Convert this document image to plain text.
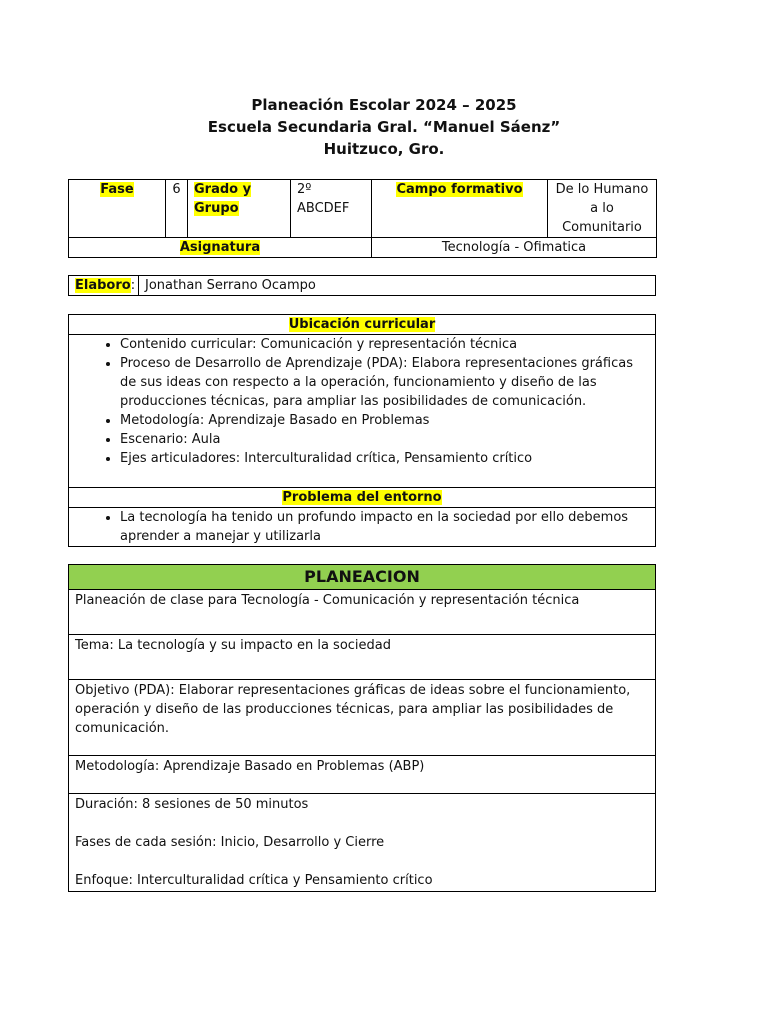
Planeación Escolar 2024 – 2025
Escuela Secundaria Gral. “Manuel Sáenz”
Huitzuco, Gro.
Fase	6	Grado y Grupo	2º ABCDEF	Campo formativo	De lo Humano a lo Comunitario
Asignatura				Tecnología - Ofimatica	
Elaboro:	Jonathan Serrano Ocampo
Ubicación curricular

• Contenido curricular: Comunicación y representación técnica
• Proceso de Desarrollo de Aprendizaje (PDA): Elabora representaciones gráficas de sus ideas con respecto a la operación, funcionamiento y diseño de las producciones técnicas, para ampliar las posibilidades de comunicación.
• Metodología: Aprendizaje Basado en Problemas
• Escenario: Aula
• Ejes articuladores: Interculturalidad crítica, Pensamiento crítico

Problema del entorno

• La tecnología ha tenido un profundo impacto en la sociedad por ello debemos aprender a manejar y utilizarla
PLANEACION
Planeación de clase para Tecnología - Comunicación y representación técnica
Tema: La tecnología y su impacto en la sociedad
Objetivo (PDA): Elaborar representaciones gráficas de ideas sobre el funcionamiento, operación y diseño de las producciones técnicas, para ampliar las posibilidades de comunicación.
Metodología: Aprendizaje Basado en Problemas (ABP)

Duración: 8 sesiones de 50 minutos

Fases de cada sesión: Inicio, Desarrollo y Cierre

Enfoque: Interculturalidad crítica y Pensamiento crítico
